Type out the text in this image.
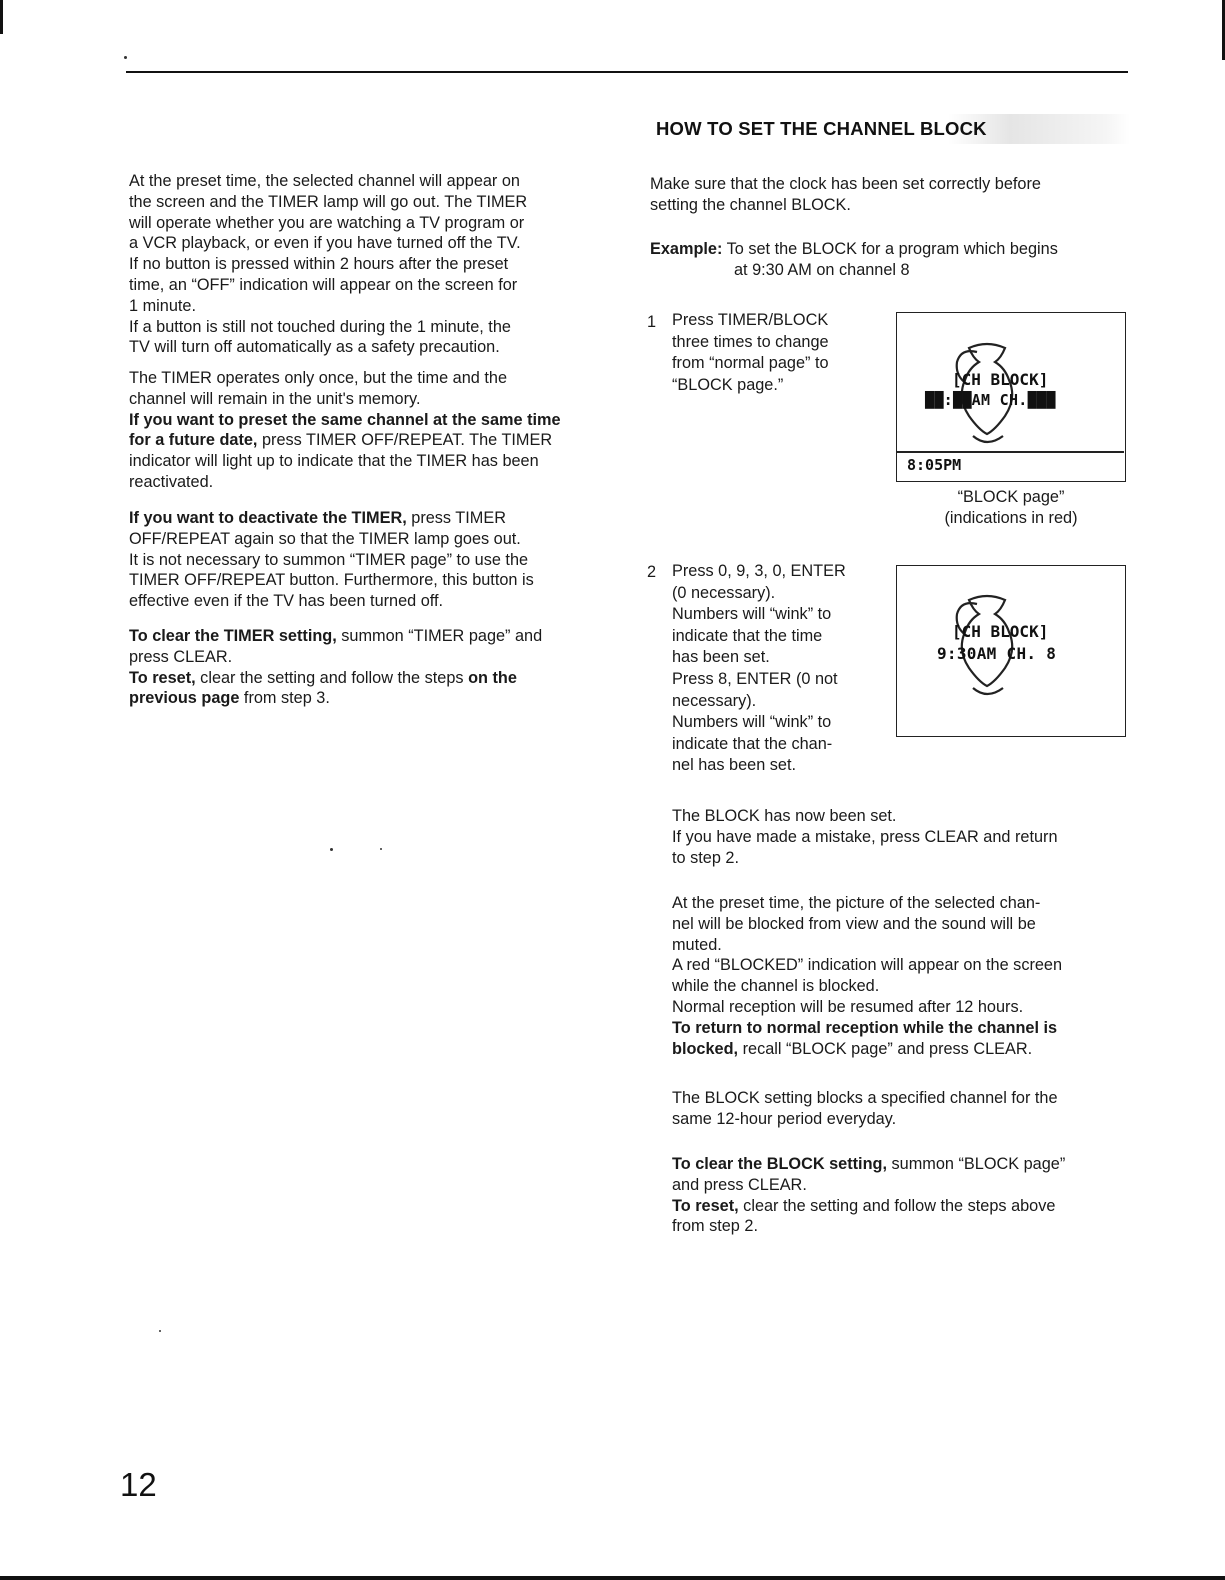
HOW TO SET THE CHANNEL BLOCK

At the preset time, the selected channel will appear on

the screen and the TIMER lamp will go out. The TIMER

will operate whether you are watching a TV program or

a VCR playback, or even if you have turned off the TV.

If no button is pressed within 2 hours after the preset

time, an “OFF” indication will appear on the screen for

1 minute.

If a button is still not touched during the 1 minute, the

TV will turn off automatically as a safety precaution.

The TIMER operates only once, but the time and the

channel will remain in the unit's memory.

If you want to preset the same channel at the same time

for a future date, press TIMER OFF/REPEAT. The TIMER

indicator will light up to indicate that the TIMER has been

reactivated.

If you want to deactivate the TIMER, press TIMER

OFF/REPEAT again so that the TIMER lamp goes out.

It is not necessary to summon “TIMER page” to use the

TIMER OFF/REPEAT button. Furthermore, this button is

effective even if the TV has been turned off.

To clear the TIMER setting, summon “TIMER page” and

press CLEAR.

To reset, clear the setting and follow the steps on the

previous page from step 3.

Make sure that the clock has been set correctly before

setting the channel BLOCK.

Example: To set the BLOCK for a program which begins

at 9:30 AM on channel 8

1 Press TIMER/BLOCK
three times to change
from “normal page” to
“BLOCK page.”	[CH BLOCK]
██:██AM CH.███
8:05PM
“BLOCK page”
(indications in red)
2 Press 0, 9, 3, 0, ENTER
(0 necessary).
Numbers will “wink” to
indicate that the time
has been set.
Press 8, ENTER (0 not
necessary).
Numbers will “wink” to
indicate that the chan-
nel has been set.
[CH BLOCK]
9:30AM CH. 8

The BLOCK has now been set.

If you have made a mistake, press CLEAR and return

to step 2.

At the preset time, the picture of the selected chan-

nel will be blocked from view and the sound will be

muted.

A red “BLOCKED” indication will appear on the screen

while the channel is blocked.

Normal reception will be resumed after 12 hours.

To return to normal reception while the channel is

blocked, recall “BLOCK page” and press CLEAR.

The BLOCK setting blocks a specified channel for the

same 12-hour period everyday.

To clear the BLOCK setting, summon “BLOCK page”

and press CLEAR.

To reset, clear the setting and follow the steps above

from step 2.

12
